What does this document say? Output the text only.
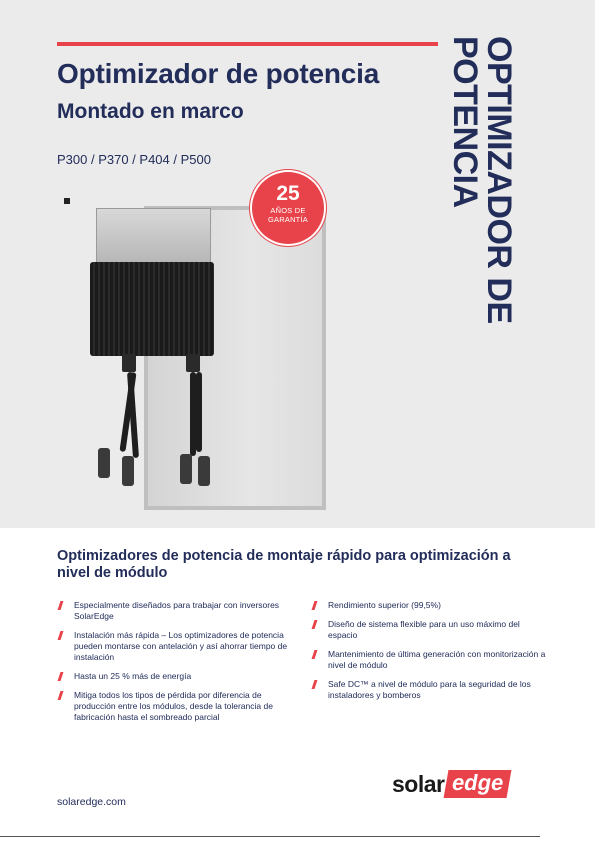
Optimizador de potencia
Montado en marco
P300 / P370 / P404 / P500	OPTIMIZADOR DE
POTENCIA
25
AÑOS DE
GARANTÍA
Optimizadores de potencia de montaje rápido para optimización a nivel de módulo
Especialmente diseñados para trabajar con inversores SolarEdge
Instalación más rápida – Los optimizadores de potencia pueden montarse con antelación y así ahorrar tiempo de instalación
Hasta un 25 % más de energía
Mitiga todos los tipos de pérdida por diferencia de producción entre los módulos, desde la tolerancia de fabricación hasta el sombreado parcial
Rendimiento superior (99,5%)
Diseño de sistema flexible para un uso máximo del espacio
Mantenimiento de última generación con monitorización a nivel de módulo
Safe DC™ a nivel de módulo para la seguridad de los instaladores y bomberos
solaredge.com
solar edge
